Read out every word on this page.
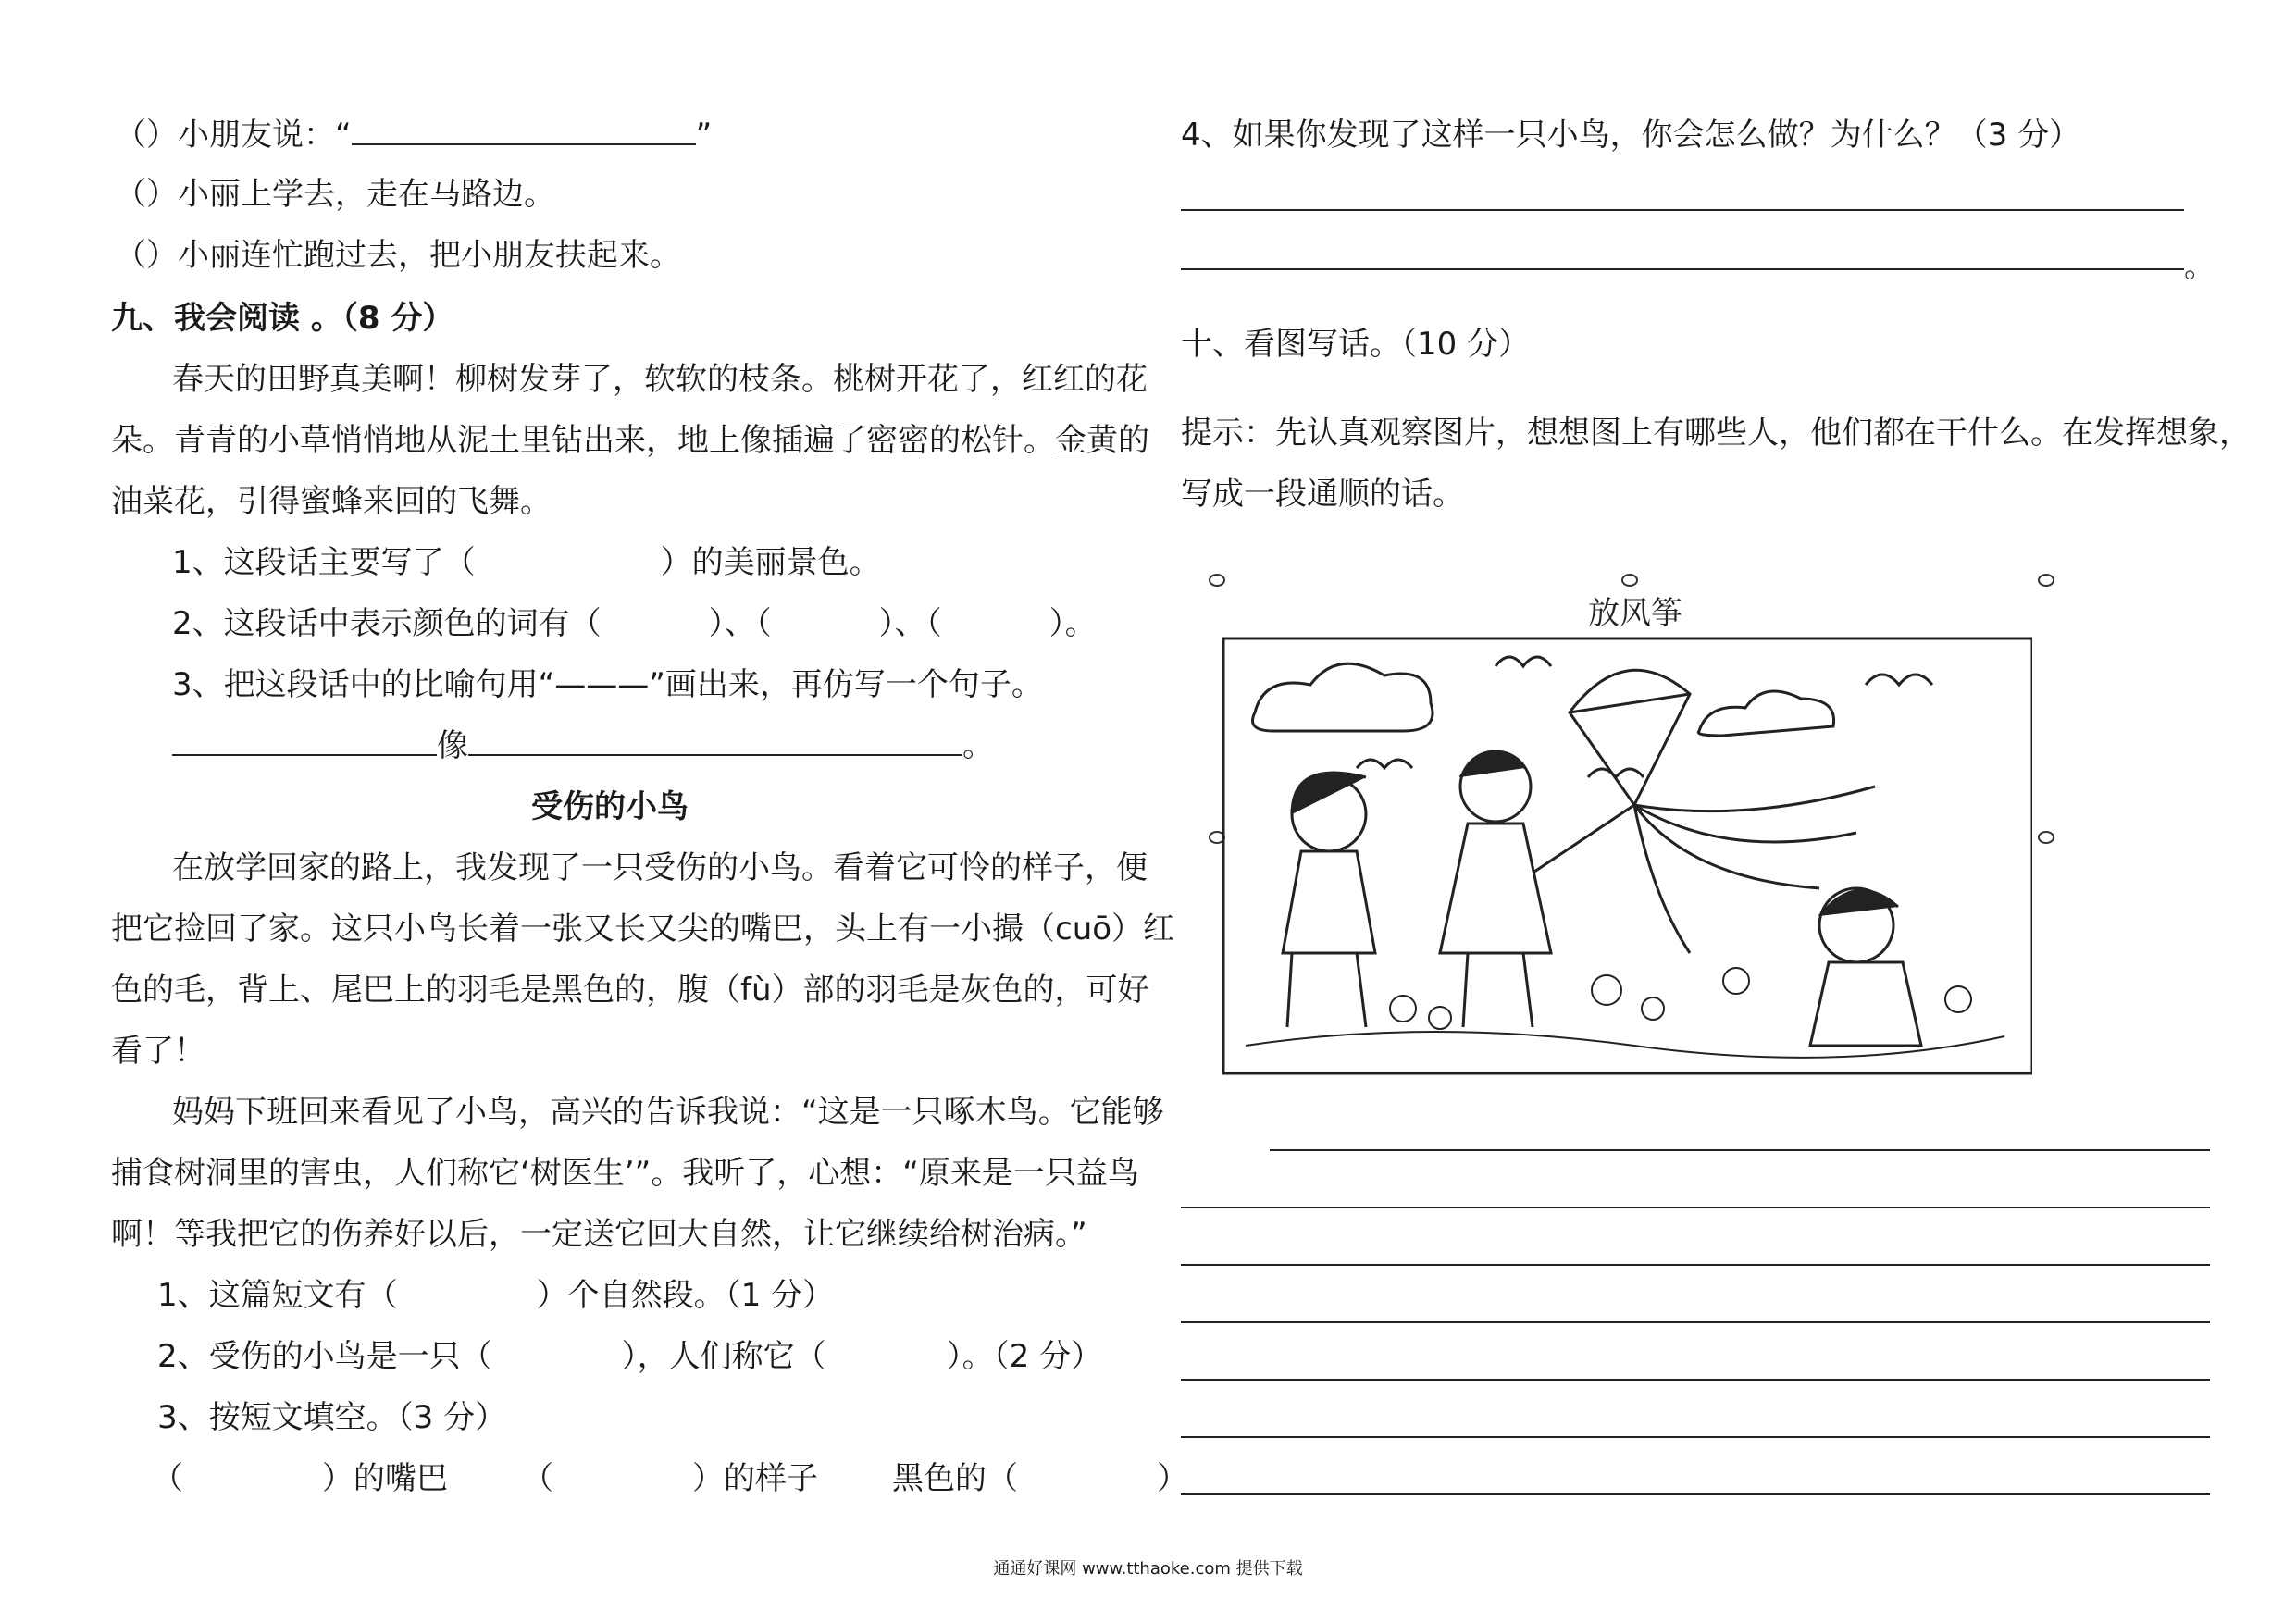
（）小朋友说：“	”
（）小丽上学去，走在马路边。
（）小丽连忙跑过去，把小朋友扶起来。
九、我会阅读 。（8 分）
春天的田野真美啊！柳树发芽了，软软的枝条。桃树开花了，红红的花
朵。青青的小草悄悄地从泥土里钻出来，地上像插遍了密密的松针。金黄的
油菜花，引得蜜蜂来回的飞舞。
1、这段话主要写了（	）的美丽景色。
2、这段话中表示颜色的词有（	）、（	）、（	）。
3、把这段话中的比喻句用“———”画出来，再仿写一个句子。
像	。
受伤的小鸟
在放学回家的路上，我发现了一只受伤的小鸟。看着它可怜的样子，便
把它捡回了家。这只小鸟长着一张又长又尖的嘴巴，头上有一小撮（cuō）红
色的毛，背上、尾巴上的羽毛是黑色的，腹（fù）部的羽毛是灰色的，可好
看了！
妈妈下班回来看见了小鸟，高兴的告诉我说：“这是一只啄木鸟。它能够
捕食树洞里的害虫，人们称它‘树医生’”。我听了，心想：“原来是一只益鸟
啊！等我把它的伤养好以后，一定送它回大自然，让它继续给树治病。”
1、这篇短文有（	）个自然段。（1 分）
2、受伤的小鸟是一只（	），人们称它（	）。（2 分）
3、按短文填空。（3 分）
（	）的嘴巴 （	）的样子 黑色的（	）
4、如果你发现了这样一只小鸟，你会怎么做？为什么？（3 分）
。
十、看图写话。（10 分）
提示：先认真观察图片，想想图上有哪些人，他们都在干什么。在发挥想象，
写成一段通顺的话。
放风筝
通通好课网 www.tthaoke.com 提供下载
